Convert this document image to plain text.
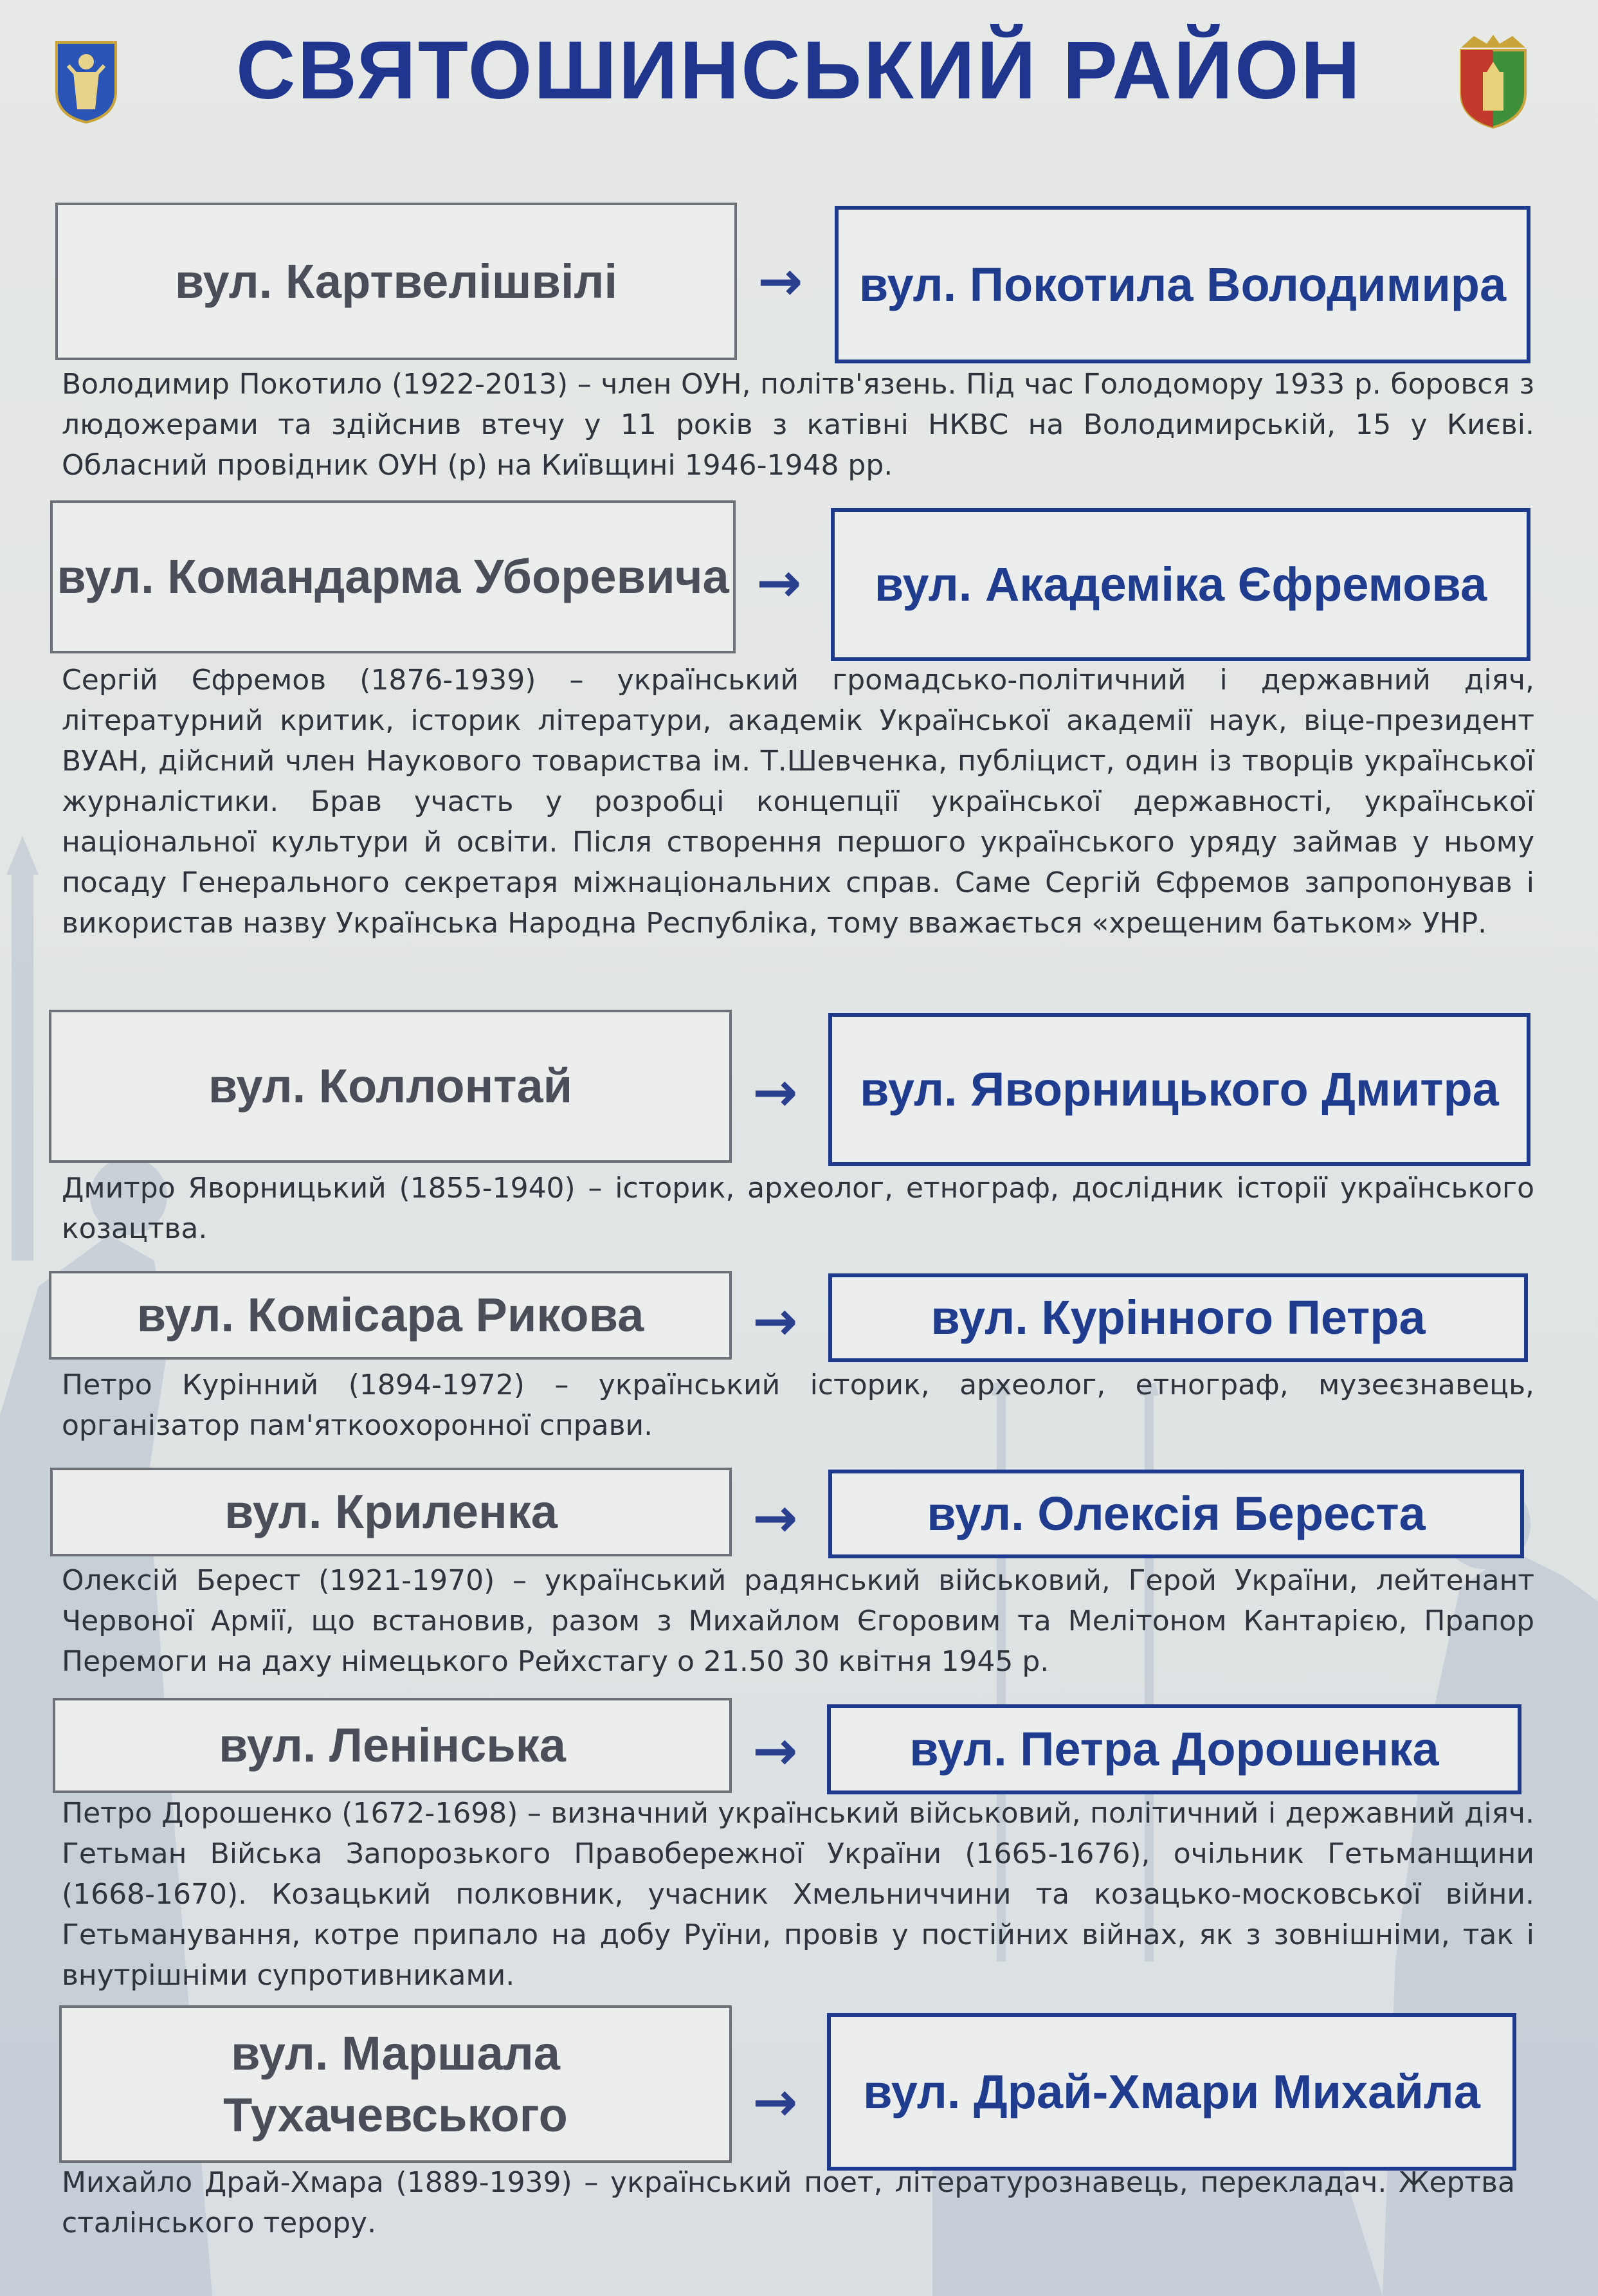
СВЯТОШИНСЬКИЙ РАЙОН
вул. Картвелішвілі	→ вул. Покотила Володимира
Володимир Покотило (1922-2013) – член ОУН, політв'язень. Під час Голодомору 1933 р. боровся з людожерами та здійснив втечу у 11 років з катівні НКВС на Володимирській, 15 у Києві. Обласний провідник ОУН (р) на Київщині 1946-1948 рр.
вул. Командарма Уборевича → вул. Академіка Єфремова
Сергій Єфремов (1876-1939) – український громадсько-політичний і державний діяч, літературний критик, історик літератури, академік Української академії наук, віце-президент ВУАН, дійсний член Наукового товариства ім. Т.Шевченка, публіцист, один із творців української журналістики. Брав участь у розробці концепції української державності, української національної культури й освіти. Після створення першого українського уряду займав у ньому посаду Генерального секретаря міжнаціональних справ. Саме Сергій Єфремов запропонував і використав назву Українська Народна Республіка, тому вважається «хрещеним батьком» УНР.
вул. Коллонтай	→ вул. Яворницького Дмитра
Дмитро Яворницький (1855-1940) – історик, археолог, етнограф, дослідник історії українського козацтва.
вул. Комісара Рикова →	вул. Курінного Петра
Петро Курінний (1894-1972) – український історик, археолог, етнограф, музеєзнавець, організатор пам'яткоохоронної справи.
вул. Криленка	→	вул. Олексія Береста
Олексій Берест (1921-1970) – український радянський військовий, Герой України, лейтенант Червоної Армії, що встановив, разом з Михайлом Єгоровим та Мелітоном Кантарією, Прапор Перемоги на даху німецького Рейхстагу о 21.50 30 квітня 1945 р.
вул. Ленінська	→ вул. Петра Дорошенка
Петро Дорошенко (1672-1698) – визначний український військовий, політичний і державний діяч. Гетьман Війська Запорозького Правобережної України (1665-1676), очільник Гетьманщини (1668-1670). Козацький полковник, учасник Хмельниччини та козацько-московської війни. Гетьманування, котре припало на добу Руїни, провів у постійних війнах, як з зовнішніми, так і внутрішніми супротивниками.
вул. Маршала Тухачевського	→ вул. Драй-Хмари Михайла
Михайло Драй-Хмара (1889-1939) – український поет, літературознавець, перекладач. Жертва сталінського терору.
